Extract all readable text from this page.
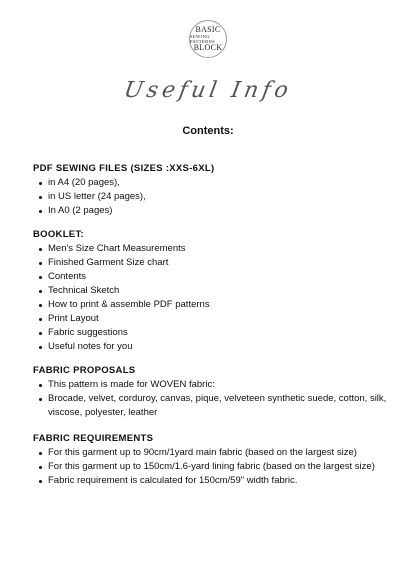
BASIC
SEWING PATTERNS
BLOCK
Useful Info
Contents:
PDF SEWING FILES (SIZES :XXS-6XL)
in A4 (20 pages),
in US letter (24 pages),
In A0 (2 pages)
BOOKLET:
Men's Size Chart Measurements
Finished Garment Size chart
Contents
Technical Sketch
How to print & assemble PDF patterns
Print Layout
Fabric suggestions
Useful notes for you
FABRIC PROPOSALS
This pattern is made for WOVEN fabric:
Brocade, velvet, corduroy, canvas, pique, velveteen synthetic suede, cotton, silk, viscose, polyester, leather
FABRIC REQUIREMENTS
For this garment up to 90cm/1yard main fabric (based on the largest size)
For this garment up to 150cm/1.6-yard lining fabric (based on the largest size)
Fabric requirement is calculated for 150cm/59" width fabric.
